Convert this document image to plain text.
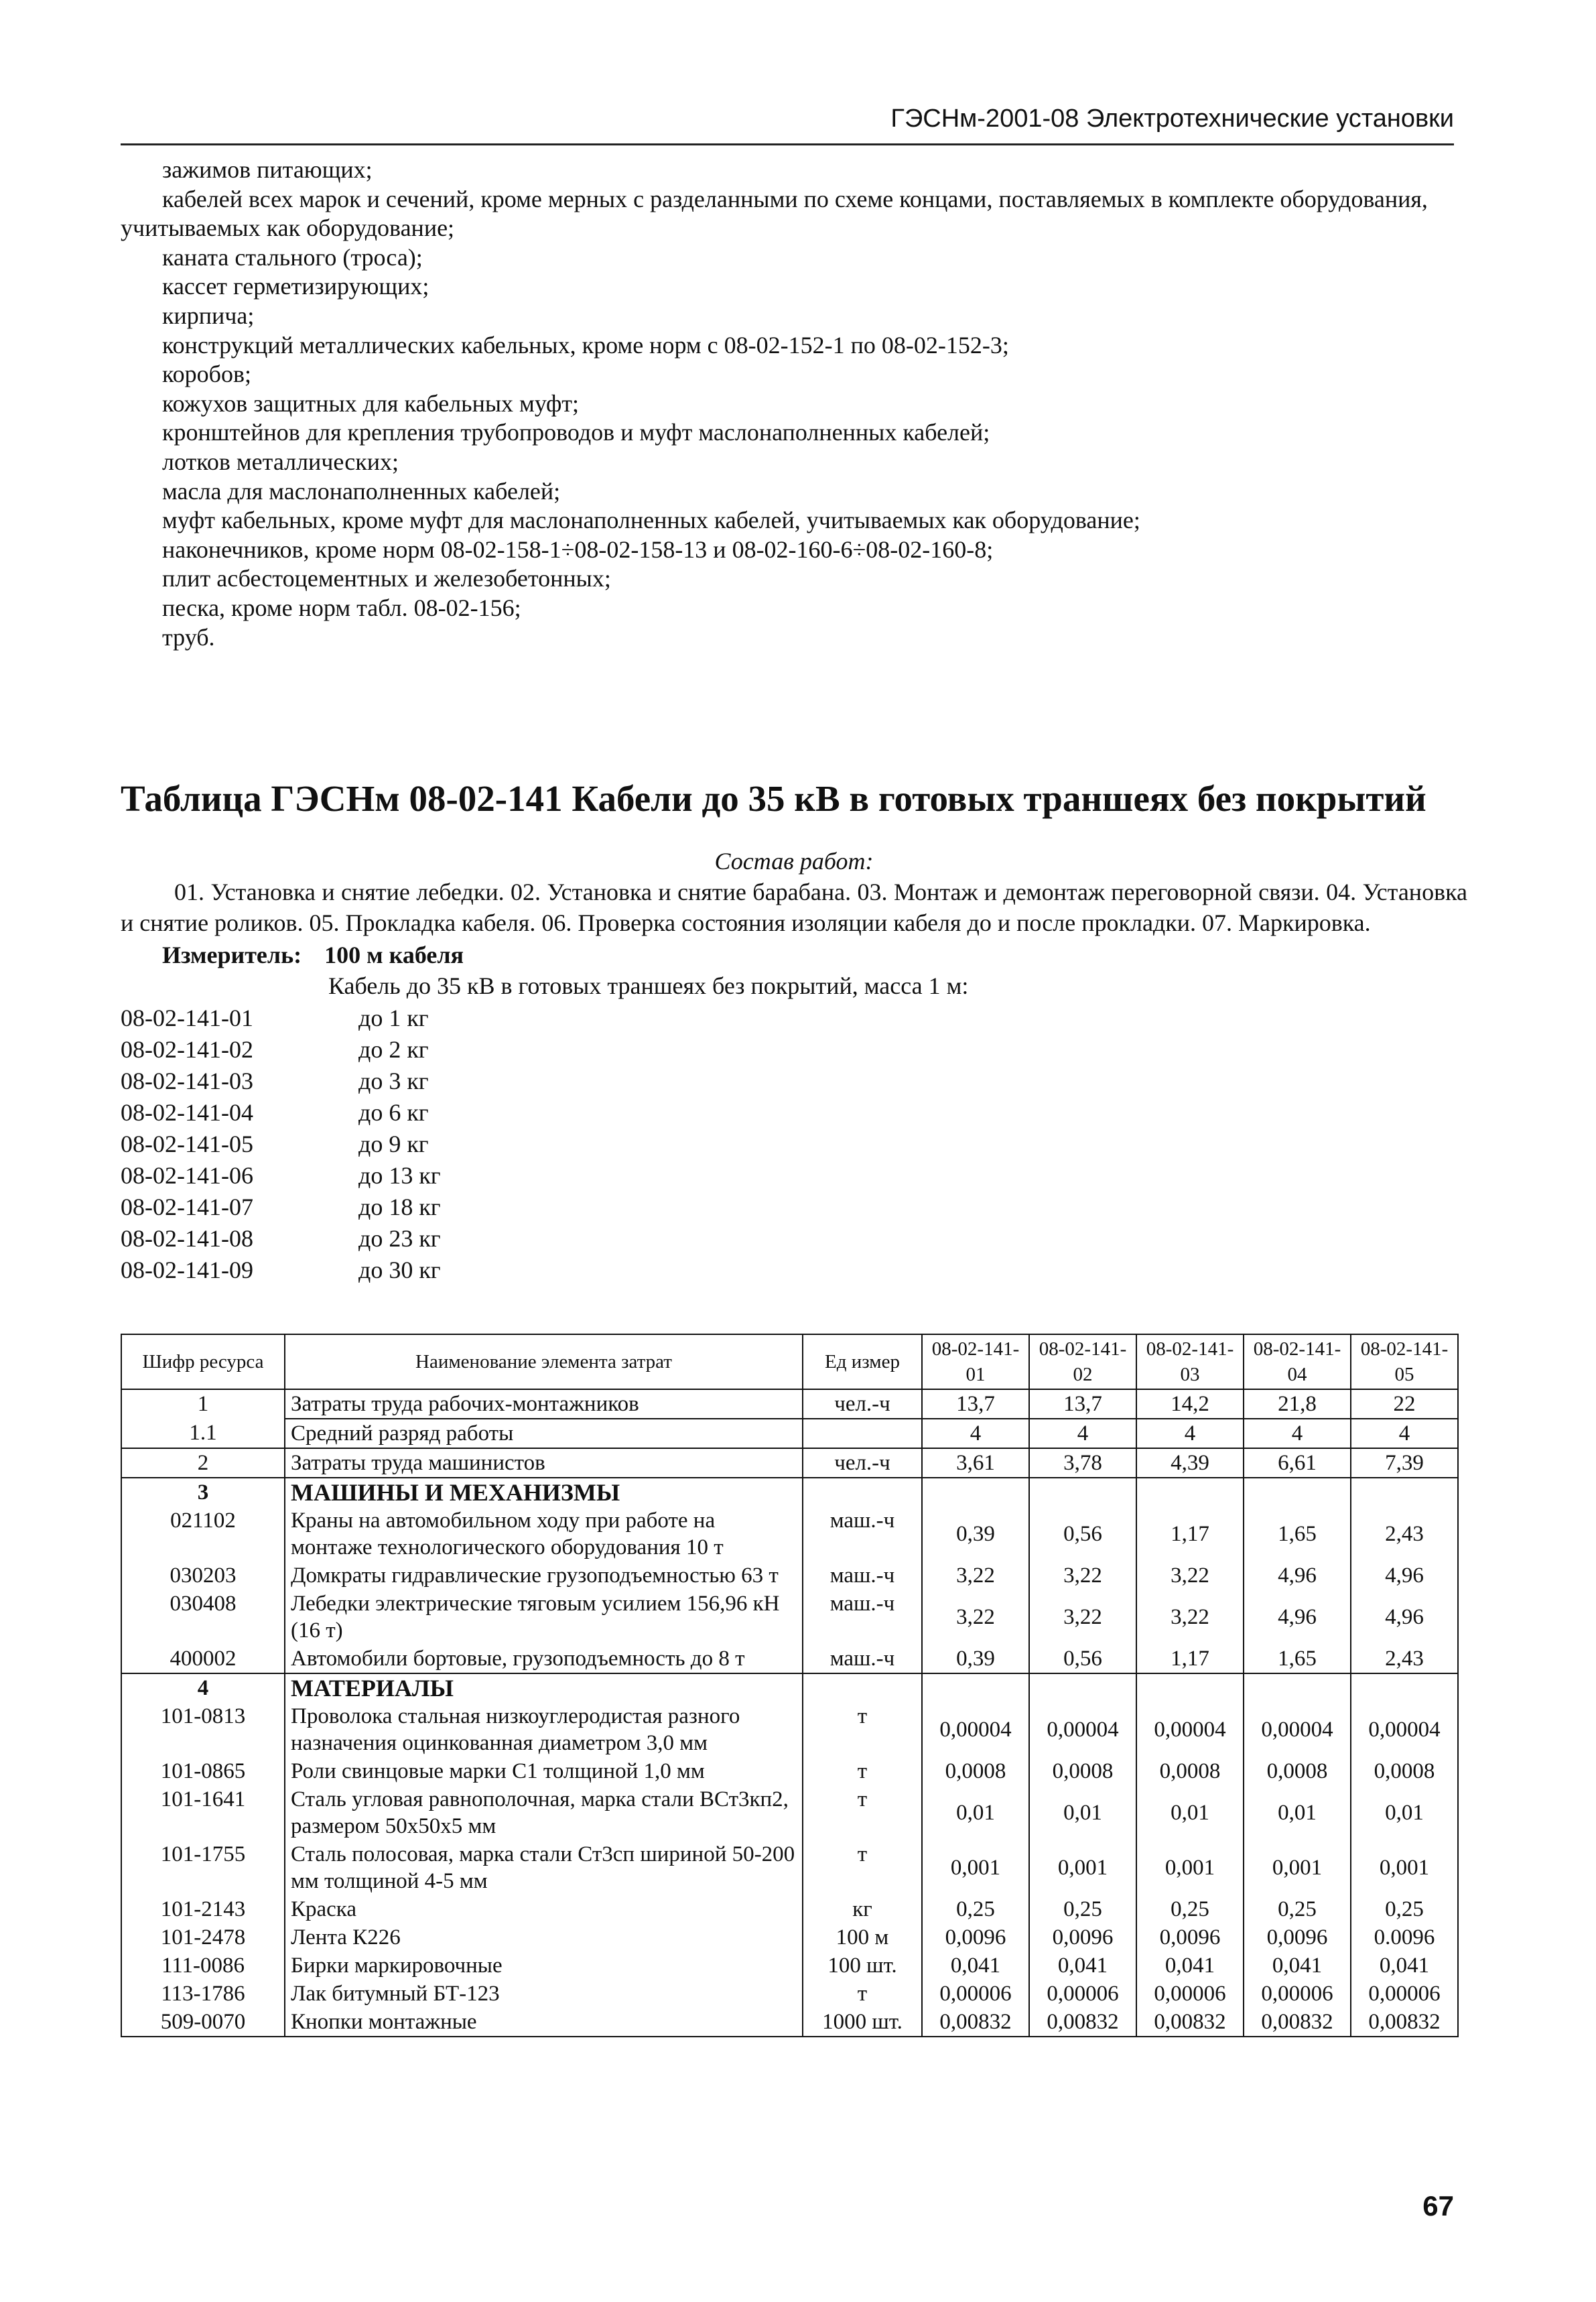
ГЭСНм-2001-08 Электротехнические установки
зажимов питающих;
кабелей всех марок и сечений, кроме мерных с разделанными по схеме концами, поставляемых в комплекте оборудования, учитываемых как оборудование;
каната стального (троса);
кассет герметизирующих;
кирпича;
конструкций металлических кабельных, кроме норм с 08-02-152-1 по 08-02-152-3;
коробов;
кожухов защитных для кабельных муфт;
кронштейнов для крепления трубопроводов и муфт маслонаполненных кабелей;
лотков металлических;
масла для маслонаполненных кабелей;
муфт кабельных, кроме муфт для маслонаполненных кабелей, учитываемых как оборудование;
наконечников, кроме норм 08-02-158-1÷08-02-158-13 и 08-02-160-6÷08-02-160-8;
плит асбестоцементных и железобетонных;
песка, кроме норм табл. 08-02-156;
труб.
Таблица ГЭСНм 08-02-141 Кабели до 35 кВ в готовых траншеях без покрытий
Состав работ:
01. Установка и снятие лебедки. 02. Установка и снятие барабана. 03. Монтаж и демонтаж переговорной связи. 04. Установка и снятие роликов. 05. Прокладка кабеля. 06. Проверка состояния изоляции кабеля до и после прокладки. 07. Маркировка.
Измеритель: 100 м кабеля
Кабель до 35 кВ в готовых траншеях без покрытий, масса 1 м:
08-02-141-01	до 1 кг
08-02-141-02	до 2 кг
08-02-141-03	до 3 кг
08-02-141-04	до 6 кг
08-02-141-05	до 9 кг
08-02-141-06	до 13 кг
08-02-141-07	до 18 кг
08-02-141-08	до 23 кг
08-02-141-09	до 30 кг
Шифр ресурса	Наименование элемента затрат	Ед измер	08-02-141-01	08-02-141-02	08-02-141-03	08-02-141-04	08-02-141-05
1	Затраты труда рабочих-монтажников	чел.-ч	13,7	13,7	14,2	21,8	22
1.1	Средний разряд работы		4	4	4	4	4
2	Затраты труда машинистов	чел.-ч	3,61	3,78	4,39	6,61	7,39
3	МАШИНЫ И МЕХАНИЗМЫ						
021102	Краны на автомобильном ходу при работе на монтаже технологического оборудования 10 т	маш.-ч	0,39	0,56	1,17	1,65	2,43
030203	Домкраты гидравлические грузоподъемностью 63 т	маш.-ч	3,22	3,22	3,22	4,96	4,96
030408	Лебедки электрические тяговым усилием 156,96 кН (16 т)	маш.-ч	3,22	3,22	3,22	4,96	4,96
400002	Автомобили бортовые, грузоподъемность до 8 т	маш.-ч	0,39	0,56	1,17	1,65	2,43
4	МАТЕРИАЛЫ						
101-0813	Проволока стальная низкоуглеродистая разного назначения оцинкованная диаметром 3,0 мм	т	0,00004	0,00004	0,00004	0,00004	0,00004
101-0865	Роли свинцовые марки С1 толщиной 1,0 мм	т	0,0008	0,0008	0,0008	0,0008	0,0008
101-1641	Сталь угловая равнополочная, марка стали ВСт3кп2, размером 50х50х5 мм	т	0,01	0,01	0,01	0,01	0,01
101-1755	Сталь полосовая, марка стали Ст3сп шириной 50-200 мм толщиной 4-5 мм	т	0,001	0,001	0,001	0,001	0,001
101-2143	Краска	кг	0,25	0,25	0,25	0,25	0,25
101-2478	Лента К226	100 м	0,0096	0,0096	0,0096	0,0096	0.0096
111-0086	Бирки маркировочные	100 шт.	0,041	0,041	0,041	0,041	0,041
113-1786	Лак битумный БТ-123	т	0,00006	0,00006	0,00006	0,00006	0,00006
509-0070	Кнопки монтажные	1000 шт.	0,00832	0,00832	0,00832	0,00832	0,00832
67
